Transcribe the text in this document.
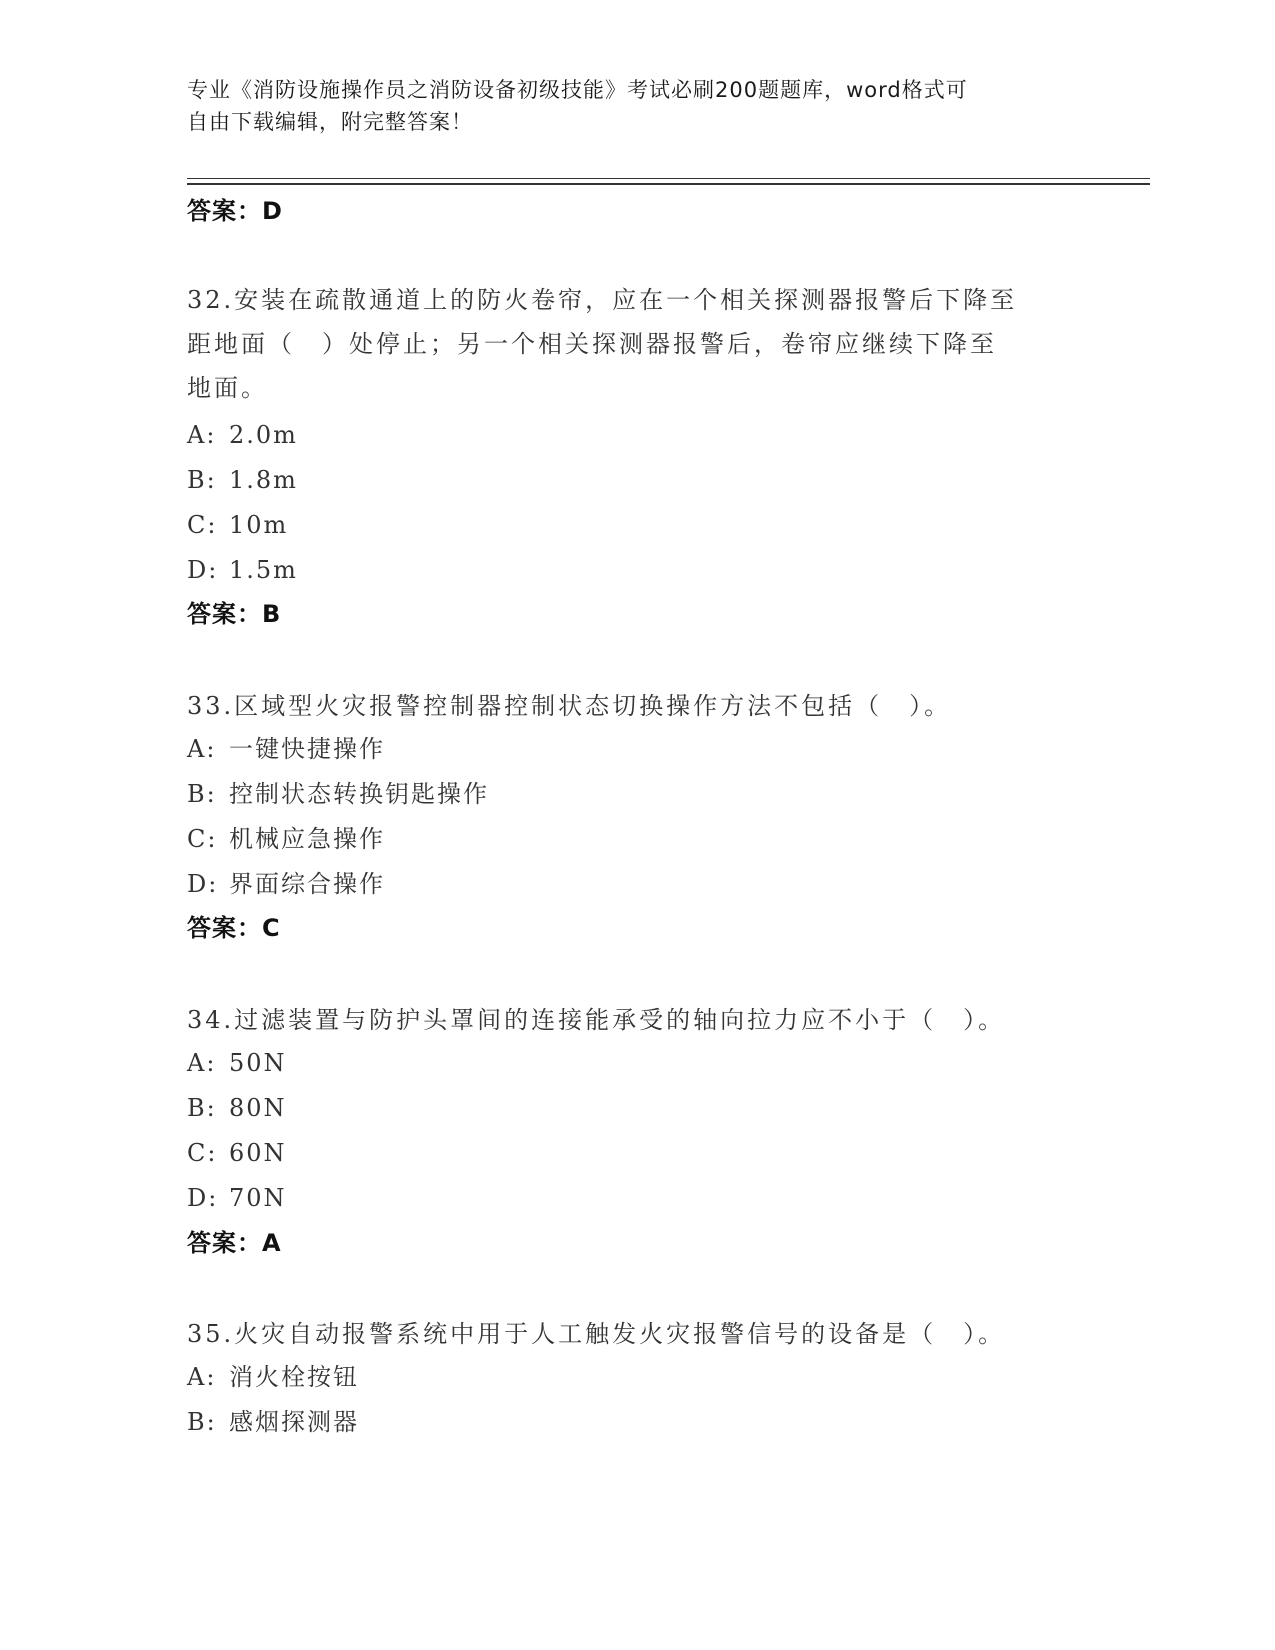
专业《消防设施操作员之消防设备初级技能》考试必刷200题题库，word格式可
自由下载编辑，附完整答案！
答案：D
32.安装在疏散通道上的防火卷帘，应在一个相关探测器报警后下降至
距地面（　）处停止；另一个相关探测器报警后，卷帘应继续下降至
地面。
A: 2.0m
B: 1.8m
C: 10m
D: 1.5m
答案：B
33.区域型火灾报警控制器控制状态切换操作方法不包括（　）。
A: 一键快捷操作
B: 控制状态转换钥匙操作
C: 机械应急操作
D: 界面综合操作
答案：C
34.过滤装置与防护头罩间的连接能承受的轴向拉力应不小于（　）。
A: 50N
B: 80N
C: 60N
D: 70N
答案：A
35.火灾自动报警系统中用于人工触发火灾报警信号的设备是（　）。
A: 消火栓按钮
B: 感烟探测器
